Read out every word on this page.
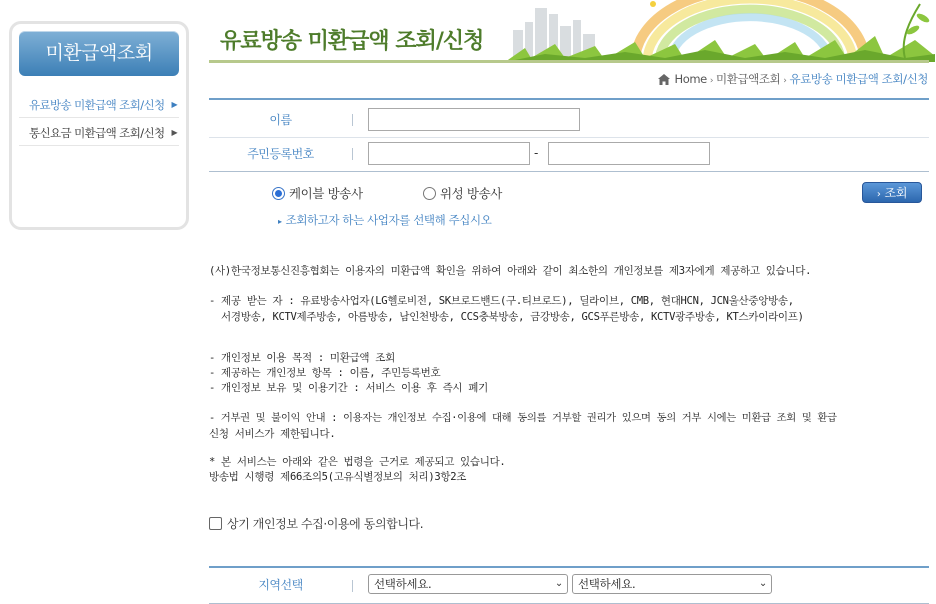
미환급액조회
유료방송 미환급액 조회/신청 ▶
통신요금 미환급액 조회/신청 ▶
유료방송 미환급액 조회/신청
Home › 미환급액조회 › 유료방송 미환급액 조회/신청
이름
주민등록번호	-
케이블 방송사	위성 방송사
▸ 조회하고자 하는 사업자를 선택해 주십시오
› 조회
(사)한국정보통신진흥협회는 이용자의 미환급액 확인을 위하여 아래와 같이 최소한의 개인정보를 제3자에게 제공하고 있습니다.
- 제공 받는 자 : 유료방송사업자(LG헬로비전, SK브로드밴드(구.티브로드), 딜라이브, CMB, 현대HCN, JCN울산중앙방송,
서경방송, KCTV제주방송, 아름방송, 남인천방송, CCS충북방송, 금강방송, GCS푸른방송, KCTV광주방송, KT스카이라이프)
- 개인정보 이용 목적 : 미환급액 조회
- 제공하는 개인정보 항목 : 이름, 주민등록번호
- 개인정보 보유 및 이용기간 : 서비스 이용 후 즉시 폐기
- 거부권 및 불이익 안내 : 이용자는 개인정보 수집·이용에 대해 동의를 거부할 권리가 있으며 동의 거부 시에는 미환급 조회 및 환급
신청 서비스가 제한됩니다.
* 본 서비스는 아래와 같은 법령을 근거로 제공되고 있습니다.
방송법 시행령 제66조의5(고유식별정보의 처리)3항2조
상기 개인정보 수집·이용에 동의합니다.
지역선택	선택하세요.	⌄	선택하세요.	⌄
